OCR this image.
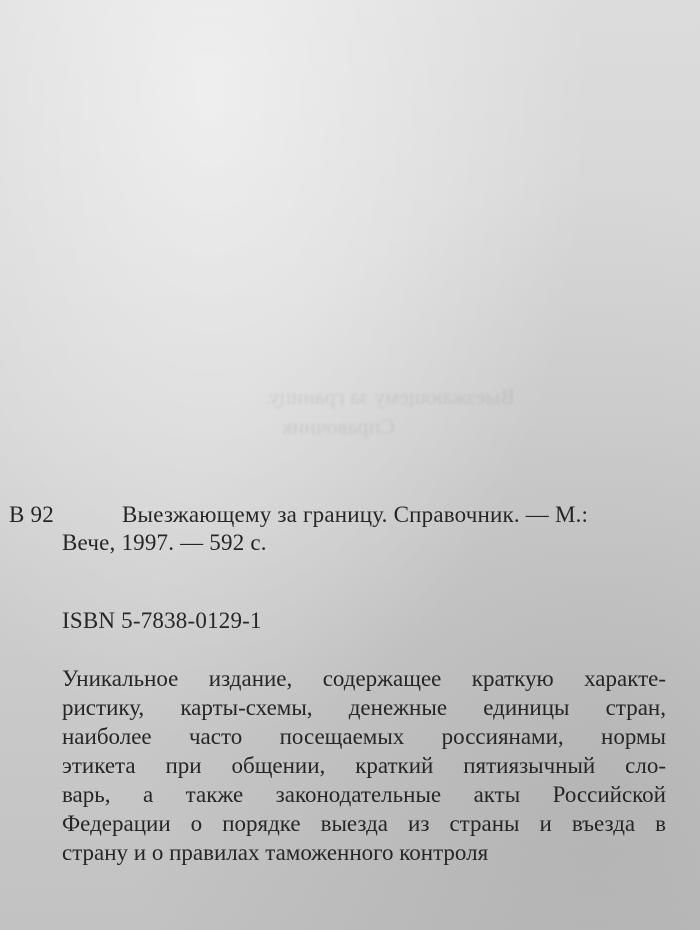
Выезжающему за границу.
Справочник
В 92	Выезжающему за границу. Справочник. — М.:
Вече, 1997. — 592 с.
ISBN 5-7838-0129-1
Уникальное издание, содержащее краткую характе-
ристику, карты-схемы, денежные единицы стран,
наиболее часто посещаемых россиянами, нормы
этикета при общении, краткий пятиязычный сло-
варь, а также законодательные акты Российской
Федерации о порядке выезда из страны и въезда в
страну и о правилах таможенного контроля
